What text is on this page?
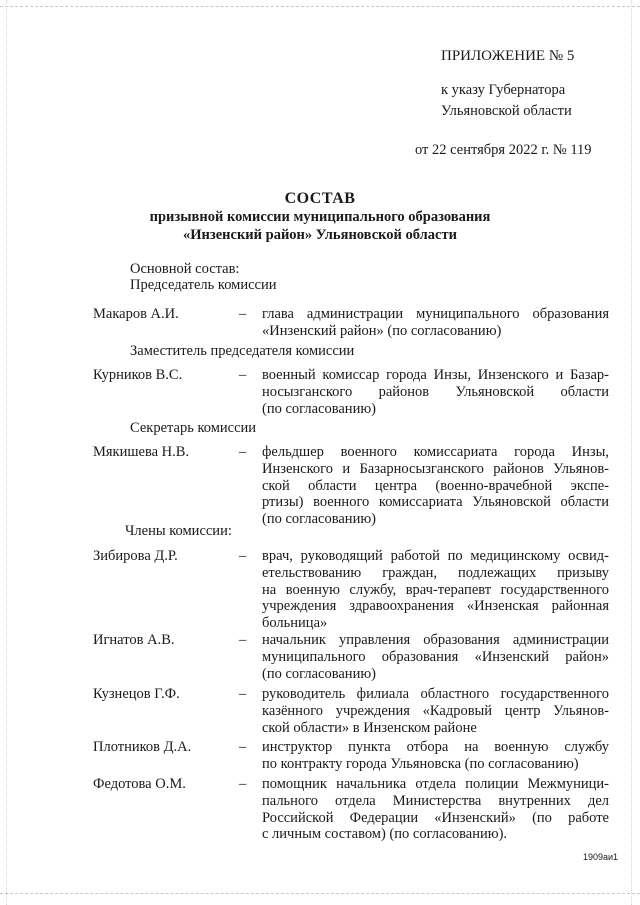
ПРИЛОЖЕНИЕ № 5
к указу Губернатора
Ульяновской области
от 22 сентября 2022 г. № 119
СОСТАВ
призывной комиссии муниципального образования
«Инзенский район» Ульяновской области
Основной состав:
Председатель комиссии
Макаров А.И.	– глава администрации муниципального образования
«Инзенский район» (по согласованию)
Заместитель председателя комиссии
Курников В.С.	– военный комиссар города Инзы, Инзенского и Базар-
носызганского районов Ульяновской области
(по согласованию)
Секретарь комиссии
Мякишева Н.В.	– фельдшер военного комиссариата города Инзы,
Инзенского и Базарносызганского районов Ульянов-
ской области центра (военно-врачебной экспе-
ртизы) военного комиссариата Ульяновской области
(по согласованию)
Члены комиссии:
Зибирова Д.Р.	– врач, руководящий работой по медицинскому освид-
етельствованию граждан, подлежащих призыву
на военную службу, врач-терапевт государственного
учреждения здравоохранения «Инзенская районная
больница»
Игнатов А.В.	– начальник управления образования администрации
муниципального образования «Инзенский район»
(по согласованию)
Кузнецов Г.Ф.	– руководитель филиала областного государственного
казённого учреждения «Кадровый центр Ульянов-
ской области» в Инзенском районе
Плотников Д.А.	– инструктор пункта отбора на военную службу
по контракту города Ульяновска (по согласованию)
Федотова О.М.	– помощник начальника отдела полиции Межмуници-
пального отдела Министерства внутренних дел
Российской Федерации «Инзенский» (по работе
с личным составом) (по согласованию).
1909аи1
